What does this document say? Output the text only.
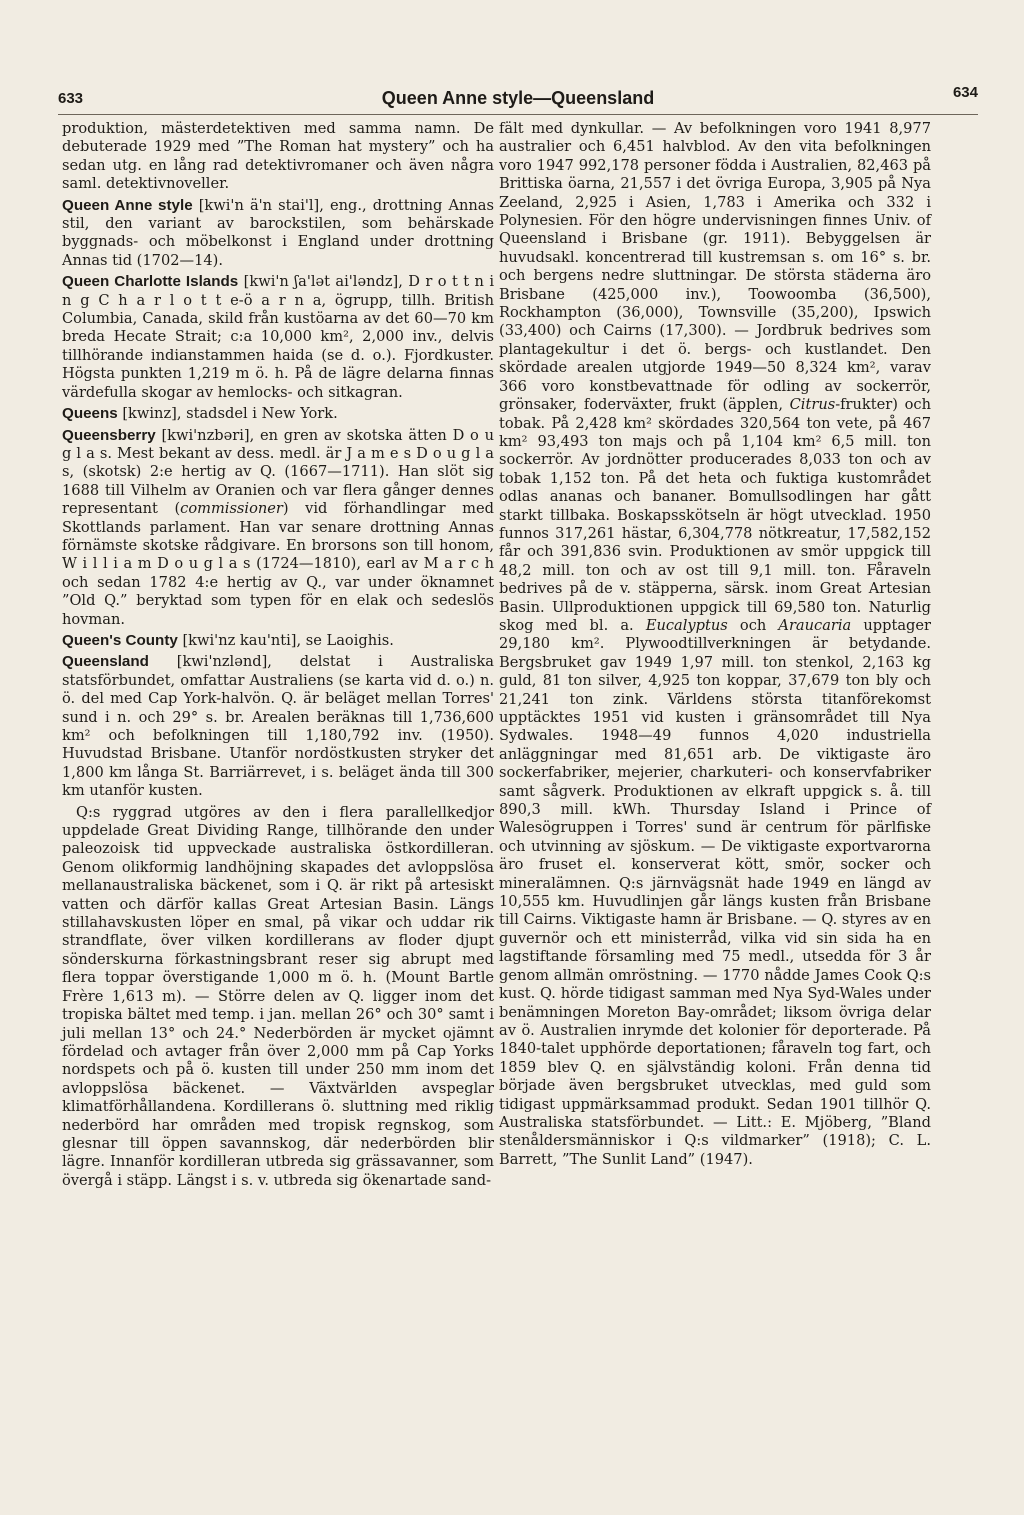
633	Queen Anne style—Queensland	634

produktion, mästerdetektiven med samma namn. De debuterade 1929 med ”The Roman hat mystery” och ha sedan utg. en lång rad detektivromaner och även några saml. detektivnoveller.

Queen Anne style [kwi'n ä'n stai'l], eng., drottning Annas stil, den variant av barockstilen, som behärskade byggnads- och möbelkonst i England under drottning Annas tid (1702—14).

Queen Charlotte Islands [kwi'n ʃa'lət ai'ləndz], D r o t t n i n g C h a r l o t t e-ö a r n a, ögrupp, tillh. British Columbia, Canada, skild från kustöarna av det 60—70 km breda Hecate Strait; c:a 10,000 km², 2,000 inv., delvis tillhörande indianstammen haida (se d. o.). Fjordkuster. Högsta punkten 1,219 m ö. h. På de lägre delarna finnas värdefulla skogar av hemlocks- och sitkagran.

Queens [kwinz], stadsdel i New York.

Queensberry [kwi'nzbəri], en gren av skotska ätten D o u g l a s. Mest bekant av dess. medl. är J a m e s D o u g l a s, (skotsk) 2:e hertig av Q. (1667—1711). Han slöt sig 1688 till Vilhelm av Oranien och var flera gånger dennes representant (commissioner) vid förhandlingar med Skottlands parlament. Han var senare drottning Annas förnämste skotske rådgivare. En brorsons son till honom, W i l l i a m D o u g l a s (1724—1810), earl av M a r c h och sedan 1782 4:e hertig av Q., var under öknamnet ”Old Q.” beryktad som typen för en elak och sedeslös hovman.

Queen's County [kwi'nz kau'nti], se Laoighis.

Queensland [kwi'nzlənd], delstat i Australiska statsförbundet, omfattar Australiens (se karta vid d. o.) n. ö. del med Cap York-halvön. Q. är beläget mellan Torres' sund i n. och 29° s. br. Arealen beräknas till 1,736,600 km² och befolkningen till 1,180,792 inv. (1950). Huvudstad Brisbane. Utanför nordöstkusten stryker det 1,800 km långa St. Barriärrevet, i s. beläget ända till 300 km utanför kusten.

Q:s ryggrad utgöres av den i flera parallellkedjor uppdelade Great Dividing Range, tillhörande den under paleozoisk tid uppveckade australiska östkordilleran. Genom olikformig landhöjning skapades det avloppslösa mellanaustraliska bäckenet, som i Q. är rikt på artesiskt vatten och därför kallas Great Artesian Basin. Längs stillahavskusten löper en smal, på vikar och uddar rik strandflate, över vilken kordillerans av floder djupt sönderskurna förkastningsbrant reser sig abrupt med flera toppar överstigande 1,000 m ö. h. (Mount Bartle Frère 1,613 m). — Större delen av Q. ligger inom det tropiska bältet med temp. i jan. mellan 26° och 30° samt i juli mellan 13° och 24.° Nederbörden är mycket ojämnt fördelad och avtager från över 2,000 mm på Cap Yorks nordspets och på ö. kusten till under 250 mm inom det avloppslösa bäckenet. — Växtvärlden avspeglar klimatförhållandena. Kordillerans ö. sluttning med riklig nederbörd har områden med tropisk regnskog, som glesnar till öppen savannskog, där nederbörden blir lägre. Innanför kordilleran utbreda sig grässavanner, som övergå i stäpp. Längst i s. v. utbreda sig ökenartade sand-

fält med dynkullar. — Av befolkningen voro 1941 8,977 australier och 6,451 halvblod. Av den vita befolkningen voro 1947 992,178 personer födda i Australien, 82,463 på Brittiska öarna, 21,557 i det övriga Europa, 3,905 på Nya Zeeland, 2,925 i Asien, 1,783 i Amerika och 332 i Polynesien. För den högre undervisningen finnes Univ. of Queensland i Brisbane (gr. 1911). Bebyggelsen är huvudsakl. koncentrerad till kustremsan s. om 16° s. br. och bergens nedre sluttningar. De största städerna äro Brisbane (425,000 inv.), Toowoomba (36,500), Rockhampton (36,000), Townsville (35,200), Ipswich (33,400) och Cairns (17,300). — Jordbruk bedrives som plantagekultur i det ö. bergs- och kustlandet. Den skördade arealen utgjorde 1949—50 8,324 km², varav 366 voro konstbevattnade för odling av sockerrör, grönsaker, foderväxter, frukt (äpplen, Citrus-frukter) och tobak. På 2,428 km² skördades 320,564 ton vete, på 467 km² 93,493 ton majs och på 1,104 km² 6,5 mill. ton sockerrör. Av jordnötter producerades 8,033 ton och av tobak 1,152 ton. På det heta och fuktiga kustområdet odlas ananas och bananer. Bomullsodlingen har gått starkt tillbaka. Boskapsskötseln är högt utvecklad. 1950 funnos 317,261 hästar, 6,304,778 nötkreatur, 17,582,152 får och 391,836 svin. Produktionen av smör uppgick till 48,2 mill. ton och av ost till 9,1 mill. ton. Fåraveln bedrives på de v. stäpperna, särsk. inom Great Artesian Basin. Ullproduktionen uppgick till 69,580 ton. Naturlig skog med bl. a. Eucalyptus och Araucaria upptager 29,180 km². Plywoodtillverkningen är betydande. Bergsbruket gav 1949 1,97 mill. ton stenkol, 2,163 kg guld, 81 ton silver, 4,925 ton koppar, 37,679 ton bly och 21,241 ton zink. Världens största titanförekomst upptäcktes 1951 vid kusten i gränsområdet till Nya Sydwales. 1948—49 funnos 4,020 industriella anläggningar med 81,651 arb. De viktigaste äro sockerfabriker, mejerier, charkuteri- och konservfabriker samt sågverk. Produktionen av elkraft uppgick s. å. till 890,3 mill. kWh. Thursday Island i Prince of Walesögruppen i Torres' sund är centrum för pärlfiske och utvinning av sjöskum. — De viktigaste exportvarorna äro fruset el. konserverat kött, smör, socker och mineralämnen. Q:s järnvägsnät hade 1949 en längd av 10,555 km. Huvudlinjen går längs kusten från Brisbane till Cairns. Viktigaste hamn är Brisbane. — Q. styres av en guvernör och ett ministerråd, vilka vid sin sida ha en lagstiftande församling med 75 medl., utsedda för 3 år genom allmän omröstning. — 1770 nådde James Cook Q:s kust. Q. hörde tidigast samman med Nya Syd-Wales under benämningen Moreton Bay-området; liksom övriga delar av ö. Australien inrymde det kolonier för deporterade. På 1840-talet upphörde deportationen; fåraveln tog fart, och 1859 blev Q. en självständig koloni. Från denna tid började även bergsbruket utvecklas, med guld som tidigast uppmärksammad produkt. Sedan 1901 tillhör Q. Australiska statsförbundet. — Litt.: E. Mjöberg, ”Bland stenåldersmänniskor i Q:s vildmarker” (1918); C. L. Barrett, ”The Sunlit Land” (1947).
